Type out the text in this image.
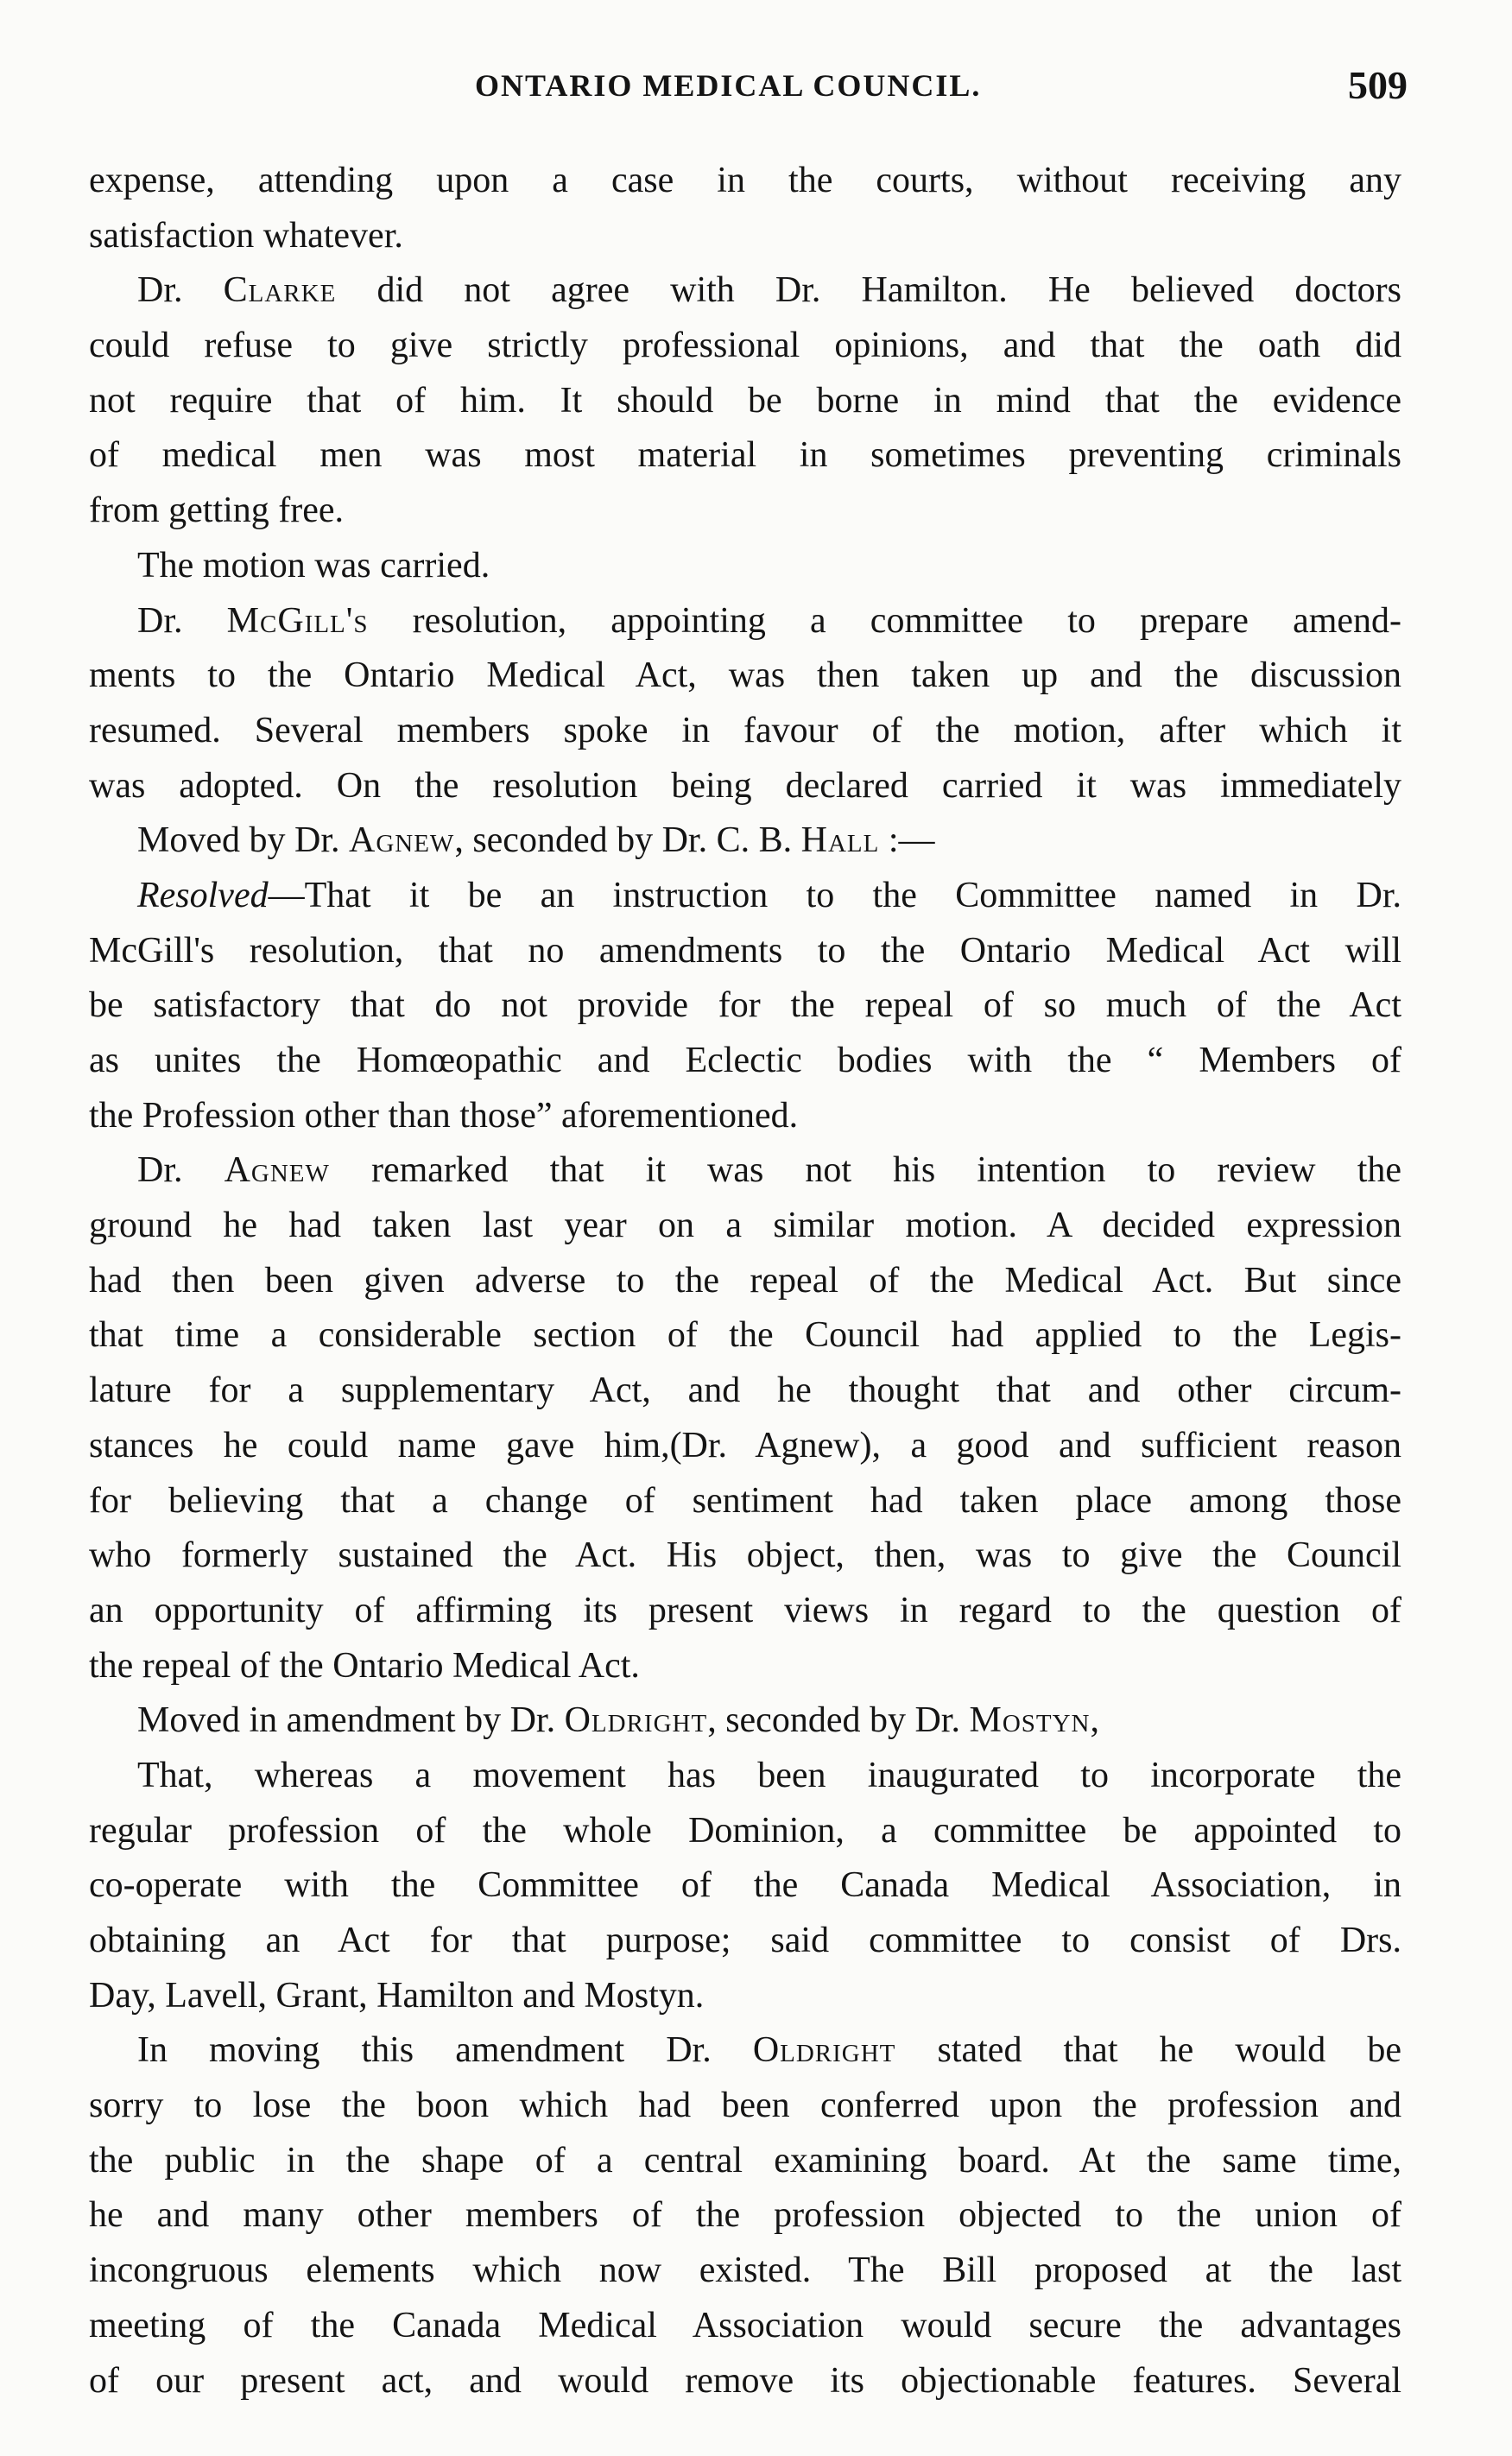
ONTARIO MEDICAL COUNCIL.	509
expense, attending upon a case in the courts, without receiving any
satisfaction whatever.
Dr. Clarke did not agree with Dr. Hamilton. He believed doctors
could refuse to give strictly professional opinions, and that the oath did
not require that of him. It should be borne in mind that the evidence
of medical men was most material in sometimes preventing criminals
from getting free.
The motion was carried.
Dr. McGill's resolution, appointing a committee to prepare amend-
ments to the Ontario Medical Act, was then taken up and the discussion
resumed. Several members spoke in favour of the motion, after which it
was adopted. On the resolution being declared carried it was immediately
Moved by Dr. Agnew, seconded by Dr. C. B. Hall :—
Resolved—That it be an instruction to the Committee named in Dr.
McGill's resolution, that no amendments to the Ontario Medical Act will
be satisfactory that do not provide for the repeal of so much of the Act
as unites the Homœopathic and Eclectic bodies with the “ Members of
the Profession other than those” aforementioned.
Dr. Agnew remarked that it was not his intention to review the
ground he had taken last year on a similar motion. A decided expression
had then been given adverse to the repeal of the Medical Act. But since
that time a considerable section of the Council had applied to the Legis-
lature for a supplementary Act, and he thought that and other circum-
stances he could name gave him,(Dr. Agnew), a good and sufficient reason
for believing that a change of sentiment had taken place among those
who formerly sustained the Act. His object, then, was to give the Council
an opportunity of affirming its present views in regard to the question of
the repeal of the Ontario Medical Act.
Moved in amendment by Dr. Oldright, seconded by Dr. Mostyn,
That, whereas a movement has been inaugurated to incorporate the
regular profession of the whole Dominion, a committee be appointed to
co-operate with the Committee of the Canada Medical Association, in
obtaining an Act for that purpose; said committee to consist of Drs.
Day, Lavell, Grant, Hamilton and Mostyn.
In moving this amendment Dr. Oldright stated that he would be
sorry to lose the boon which had been conferred upon the profession and
the public in the shape of a central examining board. At the same time,
he and many other members of the profession objected to the union of
incongruous elements which now existed. The Bill proposed at the last
meeting of the Canada Medical Association would secure the advantages
of our present act, and would remove its objectionable features. Several
